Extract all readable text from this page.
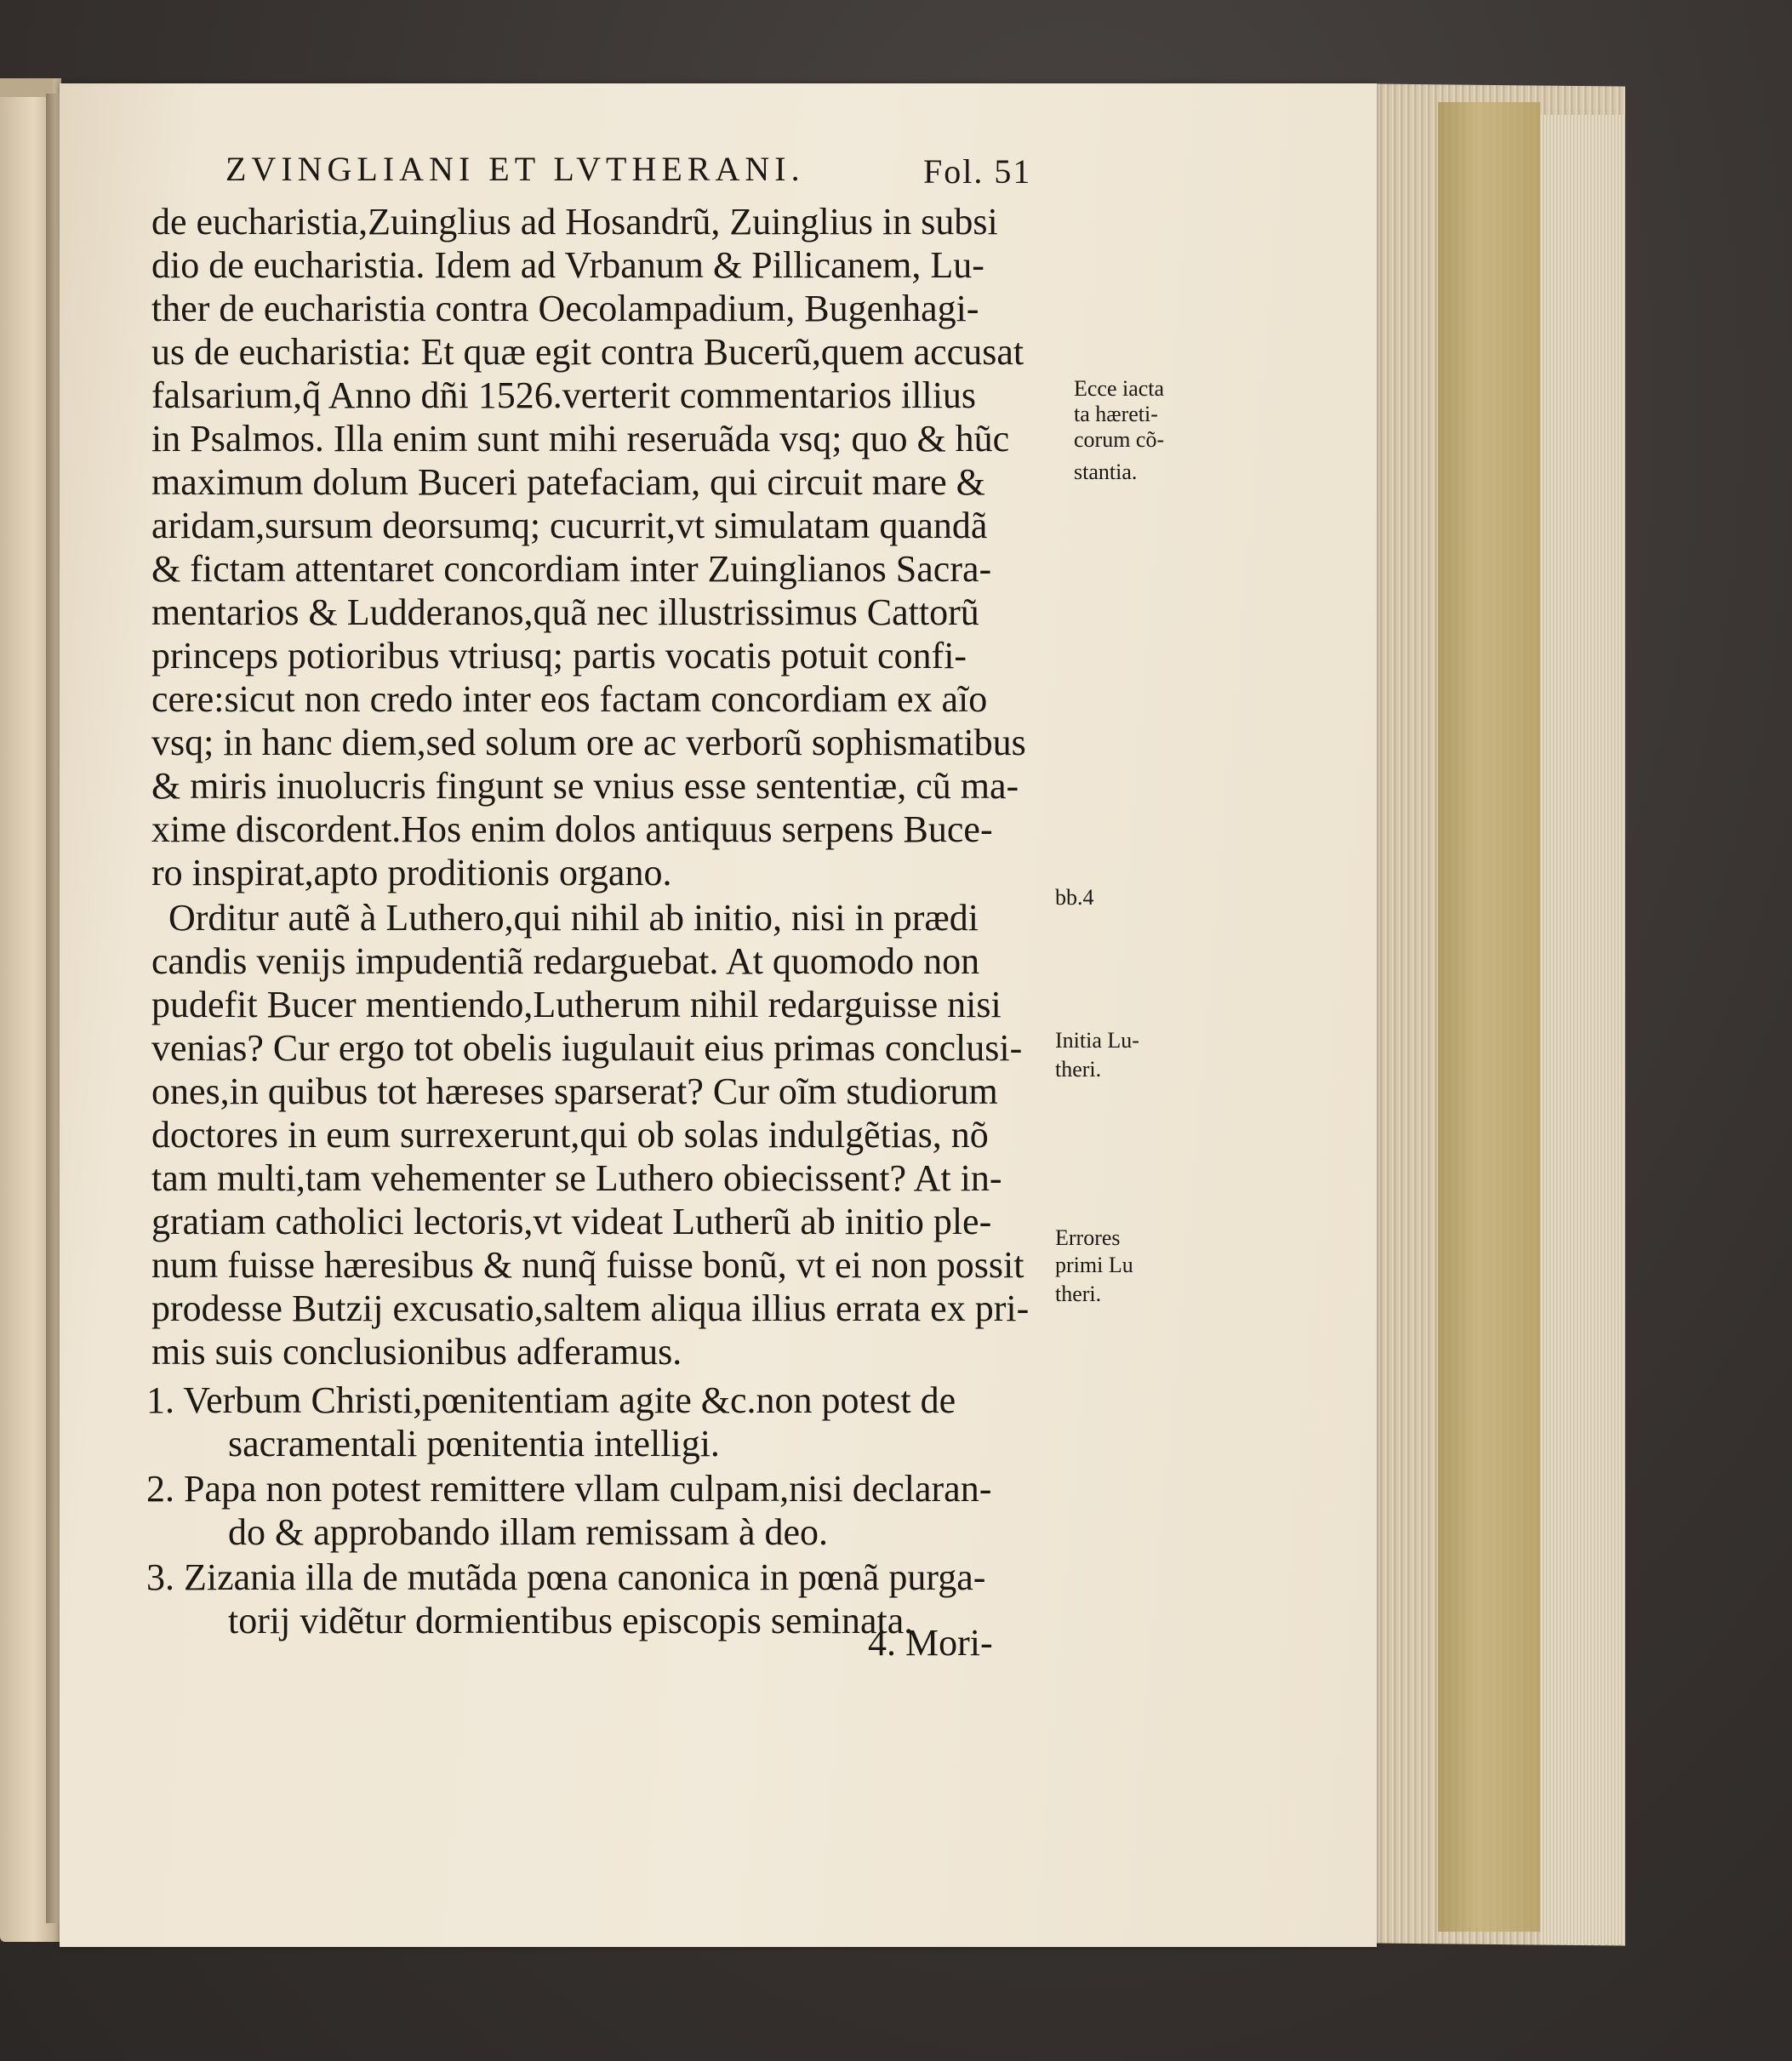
ZVINGLIANI ET LVTHERANI.	Fol. 51
de eucharistia,Zuinglius ad Hosandrũ, Zuinglius in subsi
dio de eucharistia. Idem ad Vrbanum & Pillicanem, Lu-
ther de eucharistia contra Oecolampadium, Bugenhagi-
us de eucharistia: Et quæ egit contra Bucerũ,quem accusat
falsarium,q̃ Anno dñi 1526.verterit commentarios illius
in Psalmos. Illa enim sunt mihi reseruãda vsq; quo & hũc
maximum dolum Buceri patefaciam, qui circuit mare &
aridam,sursum deorsumq; cucurrit,vt simulatam quandã
& fictam attentaret concordiam inter Zuinglianos Sacra-
mentarios & Ludderanos,quã nec illustrissimus Cattorũ
princeps potioribus vtriusq; partis vocatis potuit confi-
cere:sicut non credo inter eos factam concordiam ex aĩo
vsq; in hanc diem,sed solum ore ac verborũ sophismatibus
& miris inuolucris fingunt se vnius esse sententiæ, cũ ma-
xime discordent.Hos enim dolos antiquus serpens Buce-
ro inspirat,apto proditionis organo.
Orditur autẽ à Luthero,qui nihil ab initio, nisi in prædi
candis venijs impudentiã redarguebat. At quomodo non
pudefit Bucer mentiendo,Lutherum nihil redarguisse nisi
venias? Cur ergo tot obelis iugulauit eius primas conclusi-
ones,in quibus tot hæreses sparserat? Cur oĩm studiorum
doctores in eum surrexerunt,qui ob solas indulgẽtias, nõ
tam multi,tam vehementer se Luthero obiecissent? At in-
gratiam catholici lectoris,vt videat Lutherũ ab initio ple-
num fuisse hæresibus & nunq̃ fuisse bonũ, vt ei non possit
prodesse Butzij excusatio,saltem aliqua illius errata ex pri-
mis suis conclusionibus adferamus.
1. Verbum Christi,pœnitentiam agite &c.non potest de
sacramentali pœnitentia intelligi.
2. Papa non potest remittere vllam culpam,nisi declaran-
do & approbando illam remissam à deo.
3. Zizania illa de mutãda pœna canonica in pœnã purga-
torij vidẽtur dormientibus episcopis seminata.
4. Mori-
Ecce iacta
ta hæreti-
corum cõ-
stantia.
bb.4
Initia Lu-
theri.
Errores
primi Lu
theri.
